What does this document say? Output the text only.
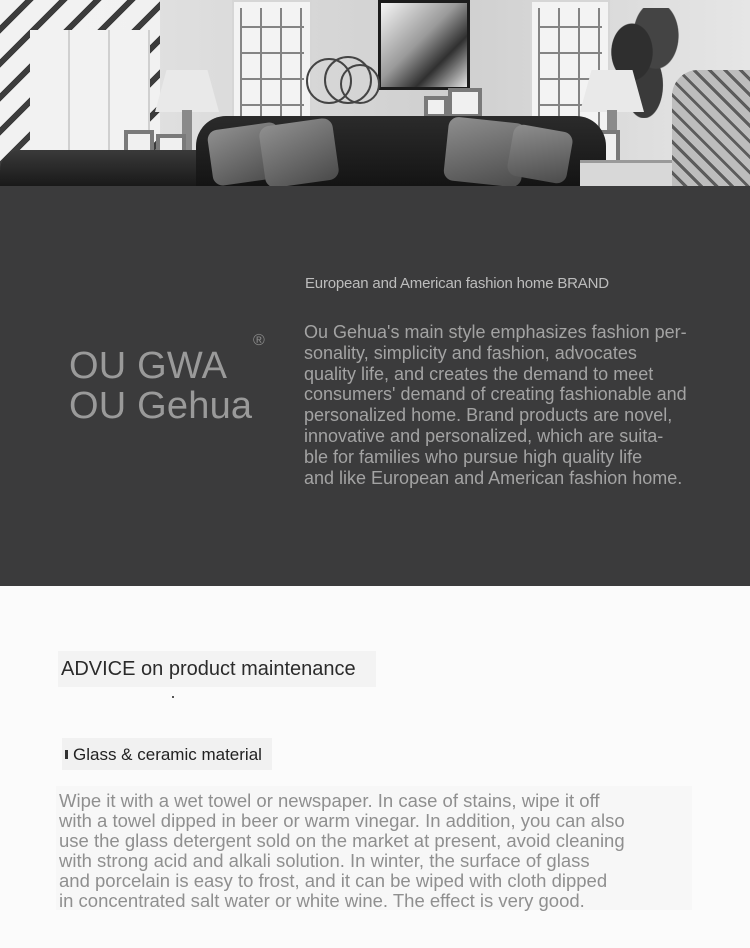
European and American fashion home BRAND
OU GWA
OU Gehua
® Ou Gehua's main style emphasizes fashion per-
sonality, simplicity and fashion, advocates
quality life, and creates the demand to meet
consumers' demand of creating fashionable and
personalized home. Brand products are novel,
innovative and personalized, which are suita-
ble for families who pursue high quality life
and like European and American fashion home.
ADVICE on product maintenance
Glass & ceramic material
Wipe it with a wet towel or newspaper. In case of stains, wipe it off
with a towel dipped in beer or warm vinegar. In addition, you can also
use the glass detergent sold on the market at present, avoid cleaning
with strong acid and alkali solution. In winter, the surface of glass
and porcelain is easy to frost, and it can be wiped with cloth dipped
in concentrated salt water or white wine. The effect is very good.
